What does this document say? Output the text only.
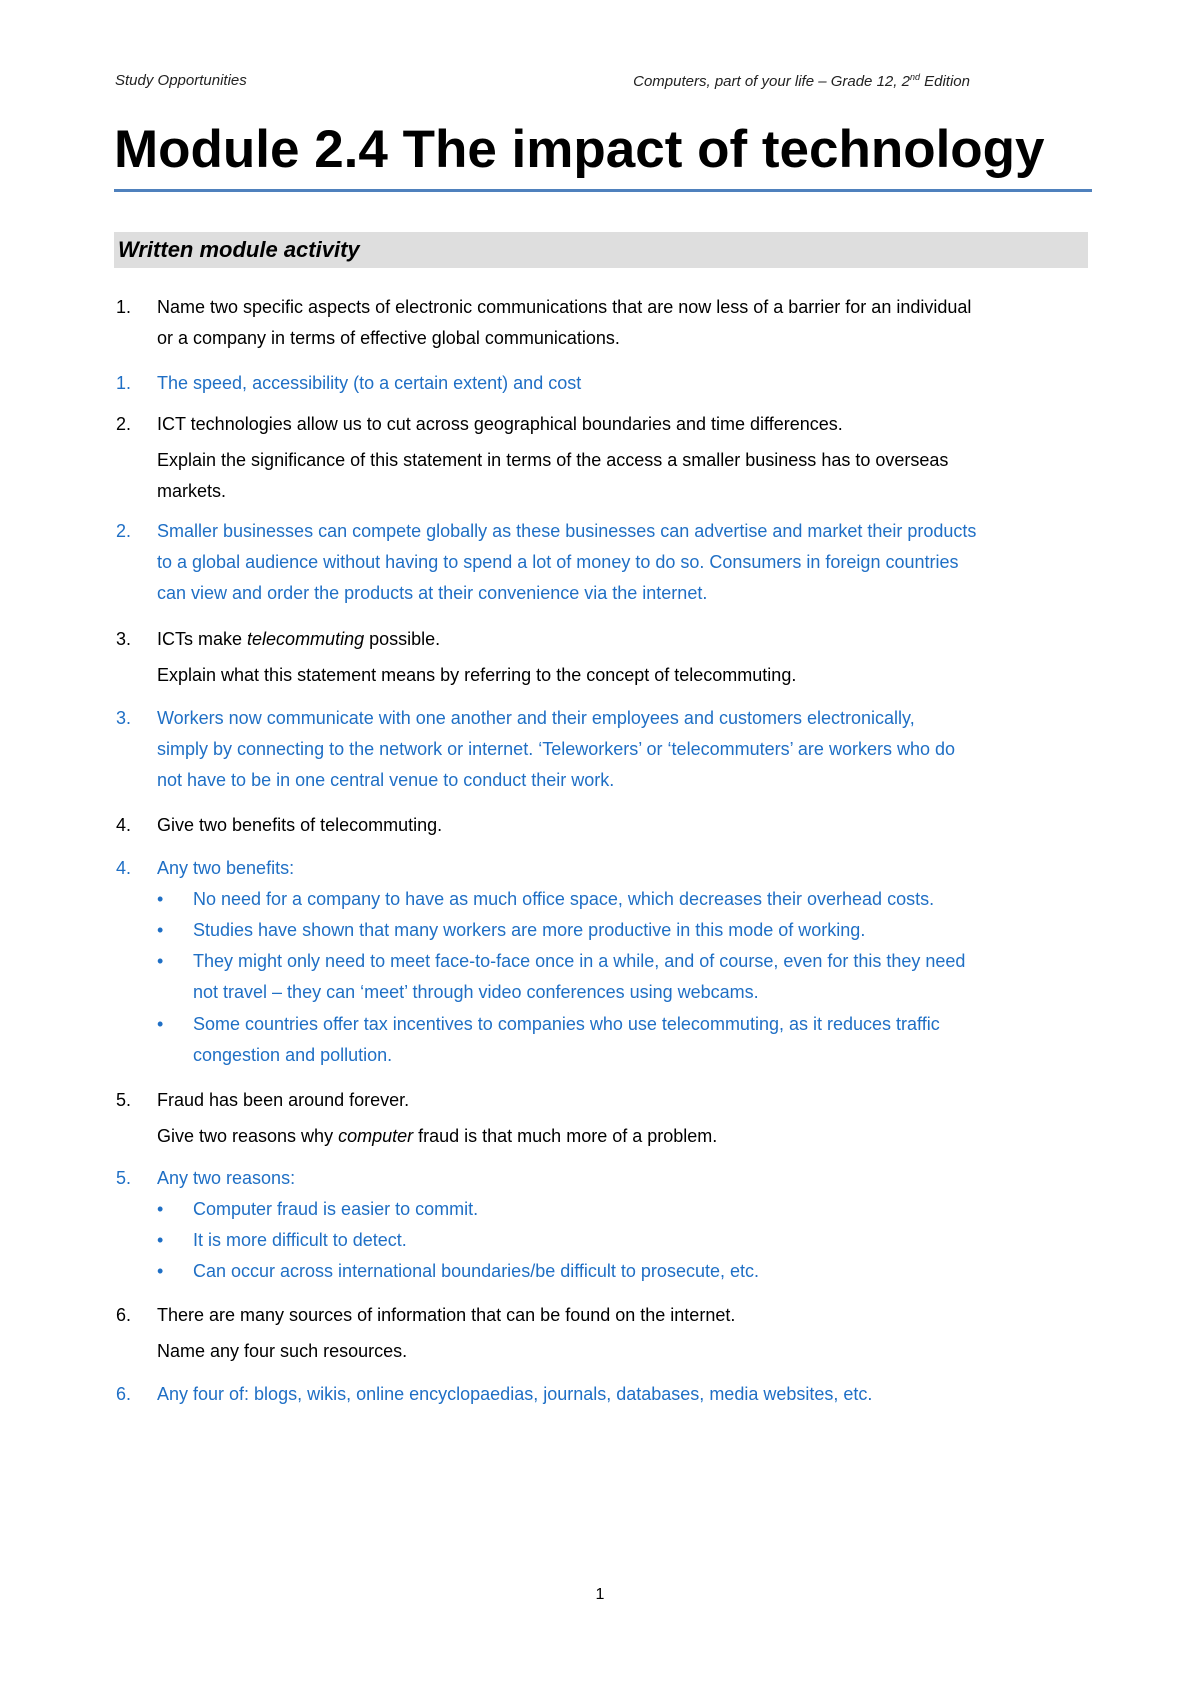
Study Opportunities	Computers, part of your life – Grade 12, 2nd Edition
Module 2.4 The impact of technology
Written module activity
1. Name two specific aspects of electronic communications that are now less of a barrier for an individual
or a company in terms of effective global communications.
1. The speed, accessibility (to a certain extent) and cost
2. ICT technologies allow us to cut across geographical boundaries and time differences.
Explain the significance of this statement in terms of the access a smaller business has to overseas
markets.
2. Smaller businesses can compete globally as these businesses can advertise and market their products
to a global audience without having to spend a lot of money to do so. Consumers in foreign countries
can view and order the products at their convenience via the internet.
3. ICTs make telecommuting possible.
Explain what this statement means by referring to the concept of telecommuting.
3. Workers now communicate with one another and their employees and customers electronically,
simply by connecting to the network or internet. ‘Teleworkers’ or ‘telecommuters’ are workers who do
not have to be in one central venue to conduct their work.
4. Give two benefits of telecommuting.
4. Any two benefits:
• No need for a company to have as much office space, which decreases their overhead costs.
• Studies have shown that many workers are more productive in this mode of working.
• They might only need to meet face-to-face once in a while, and of course, even for this they need
not travel – they can ‘meet’ through video conferences using webcams.
• Some countries offer tax incentives to companies who use telecommuting, as it reduces traffic
congestion and pollution.
5. Fraud has been around forever.
Give two reasons why computer fraud is that much more of a problem.
5. Any two reasons:
• Computer fraud is easier to commit.
• It is more difficult to detect.
• Can occur across international boundaries/be difficult to prosecute, etc.
6. There are many sources of information that can be found on the internet.
Name any four such resources.
6. Any four of: blogs, wikis, online encyclopaedias, journals, databases, media websites, etc.
1
